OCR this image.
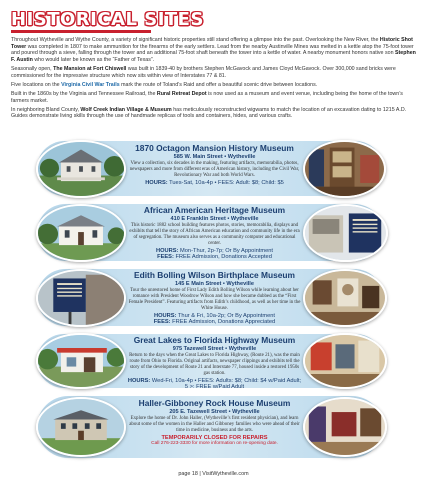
HISTORICAL SITES

Throughout Wytheville and Wythe County, a variety of significant historic properties still stand offering a glimpse into the past. Overlooking the New River, the Historic Shot Tower was completed in 1807 to make ammunition for the firearms of the early settlers. Lead from the nearby Austinville Mines was melted in a kettle atop the 75-foot tower and poured through a sieve, falling through the tower and an additional 75-foot shaft beneath the tower into a kettle of water. A nearby monument honors native son Stephen F. Austin who would later be known as the “Father of Texas”.

Seasonally open, The Mansion at Fort Chiswell was built in 1839-40 by brothers Stephen McGavock and James Cloyd McGavock. Over 300,000 sand bricks were commissioned for the impressive structure which now sits within view of Interstates 77 & 81.

Five locations on the Virginia Civil War Trails mark the route of Toland’s Raid and offer a beautiful scenic drive between locations.

Built in the 1860s by the Virginia and Tennessee Railroad, the Rural Retreat Depot is now used as a museum and event venue, including being the home of the town’s farmers market.

In neighboring Bland County, Wolf Creek Indian Village & Museum has meticulously reconstructed wigwams to match the location of an excavation dating to 1215 A.D. Guides demonstrate living skills through the use of handmade replicas of tools and containers, hides, and various crafts.

1870 Octagon Mansion History Museum
585 W. Main Street • Wytheville
View a collection, six decades in the making, featuring artifacts, memorabilia, photos, newspapers and more from different eras of American history, including the Civil War, Revolutionary War and both World Wars.
HOURS: Tues-Sat, 10a-4p • FEES: Adult: $8; Child: $5
African American Heritage Museum
410 E Franklin Street • Wytheville
This historic 1882 school building features photos, stories, memorabilia, displays and exhibits that tell the story of African American education and community life in the era of segregation. The museum also serves as a community computer and educational center.
HOURS: Mon-Thur, 2p-7p; Or By Appointment
FEES: FREE Admission, Donations Accepted
Edith Bolling Wilson Birthplace Museum
145 E Main Street • Wytheville
Tour the unrestored home of First Lady Edith Bolling Wilson while learning about her romance with President Woodrow Wilson and how she became dubbed as the “First Female President”. Featuring artifacts from Edith’s childhood, as well as her time in the White House.
HOURS: Thur & Fri, 10a-2p; Or By Appointment
FEES: FREE Admission, Donations Appreciated
Great Lakes to Florida Highway Museum
975 Tazewell Street • Wytheville
Return to the days when the Great Lakes to Florida Highway, (Route 21), was the main route from Ohio to Florida. Original artifacts, newspaper clippings and exhibits tell the story of the development of Route 21 and Interstate 77, housed inside a restored 1950s gas station.
HOURS: Wed-Fri, 10a-4p • FEES: Adults: $8; Child: $4 w/Paid Adult; 5 >: FREE w/Paid Adult
Haller-Gibboney Rock House Museum
205 E. Tazewell Street • Wytheville
Explore the home of Dr. John Haller, (Wytheville’s first resident physician), and learn about some of the women in the Haller and Gibboney families who were ahead of their time in medicine, business and the arts.
TEMPORARILY CLOSED FOR REPAIRS
Call 276-223-3330 for more information on re-opening date.
page 18 | VisitWytheville.com
